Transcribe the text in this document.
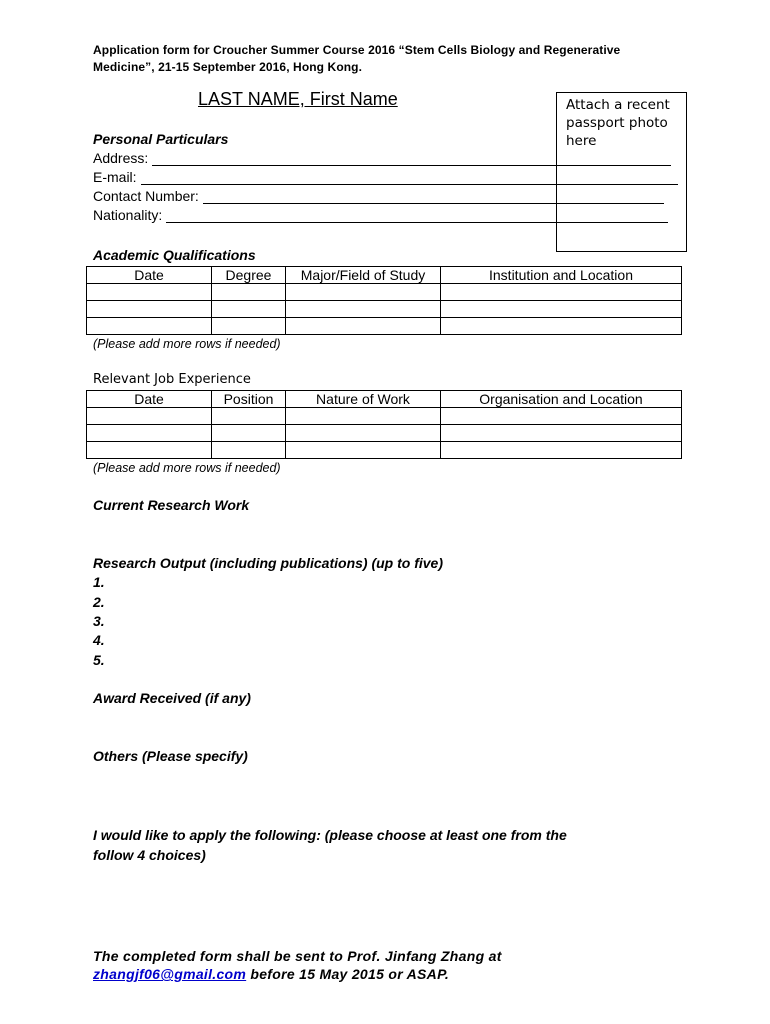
Application form for Croucher Summer Course 2016 “Stem Cells Biology and Regenerative
Medicine”, 21-15 September 2016, Hong Kong.
LAST NAME, First Name	Attach a recent
passport photo
here
Personal Particulars
Address:
E-mail:
Contact Number:
Nationality:
Academic Qualifications
Date	Degree	Major/Field of Study	Institution and Location

(Please add more rows if needed)
Relevant Job Experience
Date	Position	Nature of Work	Organisation and Location

(Please add more rows if needed)
Current Research Work
Research Output (including publications) (up to five)
1.
2.
3.
4.
5.
Award Received (if any)
Others (Please specify)
I would like to apply the following: (please choose at least one from the
follow 4 choices)
The completed form shall be sent to Prof. Jinfang Zhang at
zhangjf06@gmail.com before 15 May 2015 or ASAP.
